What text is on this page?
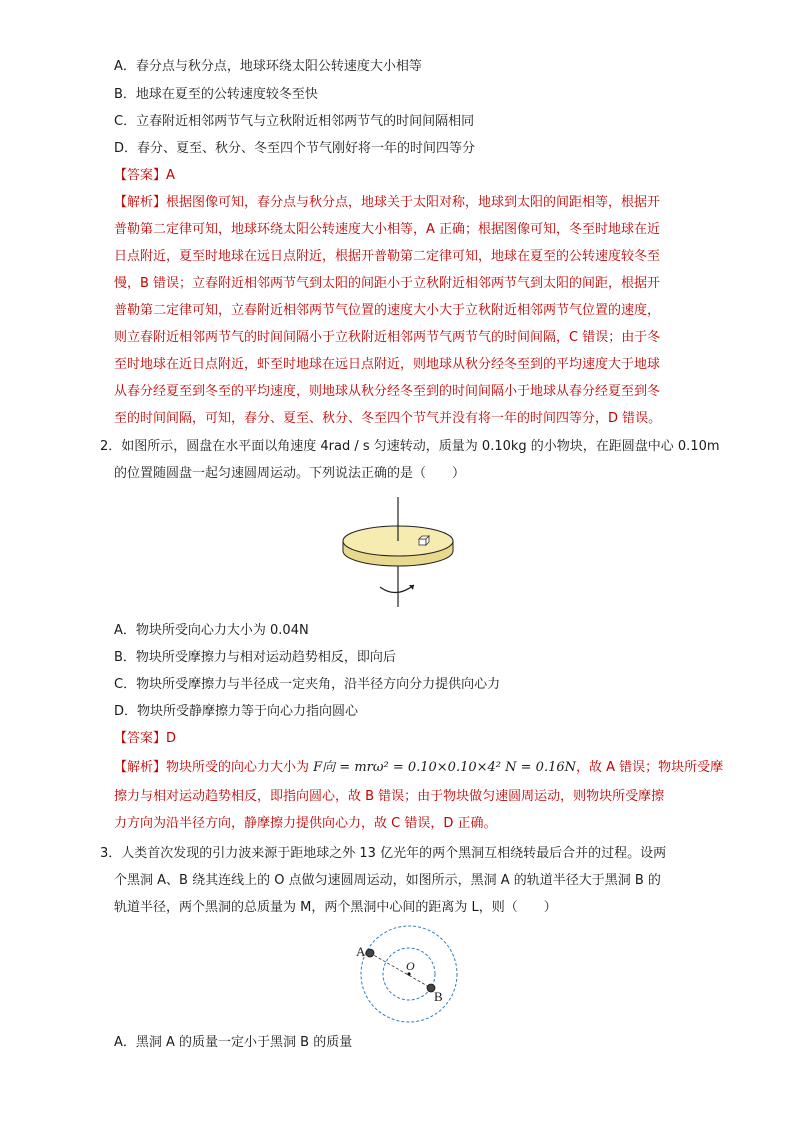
A．春分点与秋分点，地球环绕太阳公转速度大小相等
B．地球在夏至的公转速度较冬至快
C．立春附近相邻两节气与立秋附近相邻两节气的时间间隔相同
D．春分、夏至、秋分、冬至四个节气刚好将一年的时间四等分
【答案】A
【解析】根据图像可知，春分点与秋分点，地球关于太阳对称，地球到太阳的间距相等，根据开
普勒第二定律可知，地球环绕太阳公转速度大小相等，A 正确；根据图像可知，冬至时地球在近
日点附近，夏至时地球在远日点附近，根据开普勒第二定律可知，地球在夏至的公转速度较冬至
慢，B 错误；立春附近相邻两节气到太阳的间距小于立秋附近相邻两节气到太阳的间距，根据开
普勒第二定律可知，立春附近相邻两节气位置的速度大小大于立秋附近相邻两节气位置的速度，
则立春附近相邻两节气的时间间隔小于立秋附近相邻两节气两节气的时间间隔，C 错误；由于冬
至时地球在近日点附近，虾至时地球在远日点附近，则地球从秋分经冬至到的平均速度大于地球
从春分经夏至到冬至的平均速度，则地球从秋分经冬至到的时间间隔小于地球从春分经夏至到冬
至的时间间隔，可知，春分、夏至、秋分、冬至四个节气并没有将一年的时间四等分，D 错误。
2．如图所示，圆盘在水平面以角速度 4rad / s 匀速转动，质量为 0.10kg 的小物块，在距圆盘中心 0.10m
的位置随圆盘一起匀速圆周运动。下列说法正确的是（　　）
A．物块所受向心力大小为 0.04N
B．物块所受摩擦力与相对运动趋势相反，即向后
C．物块所受摩擦力与半径成一定夹角，沿半径方向分力提供向心力
D．物块所受静摩擦力等于向心力指向圆心
【答案】D
【解析】物块所受的向心力大小为 F向 = mrω² = 0.10×0.10×4² N = 0.16N，故 A 错误；物块所受摩
擦力与相对运动趋势相反，即指向圆心，故 B 错误；由于物块做匀速圆周运动，则物块所受摩擦
力方向为沿半径方向，静摩擦力提供向心力，故 C 错误，D 正确。
3．人类首次发现的引力波来源于距地球之外 13 亿光年的两个黑洞互相绕转最后合并的过程。设两
个黑洞 A、B 绕其连线上的 O 点做匀速圆周运动，如图所示，黑洞 A 的轨道半径大于黑洞 B 的
轨道半径，两个黑洞的总质量为 M，两个黑洞中心间的距离为 L，则（　　）
A
B
O
A．黑洞 A 的质量一定小于黑洞 B 的质量
